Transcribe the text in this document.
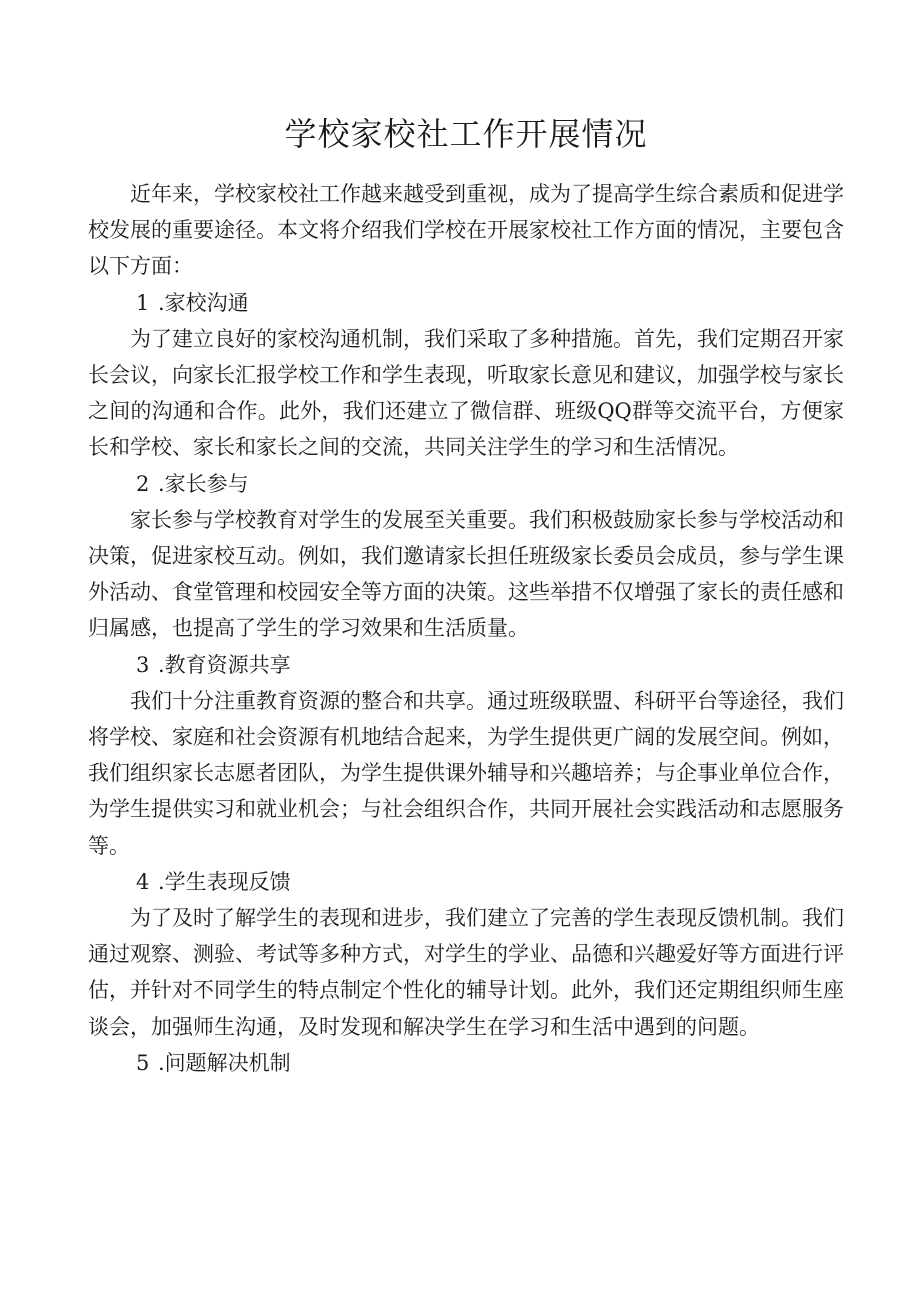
学校家校社工作开展情况

近年来，学校家校社工作越来越受到重视，成为了提高学生综合素质和促进学校发展的重要途径。本文将介绍我们学校在开展家校社工作方面的情况，主要包含以下方面：

1 .家校沟通

为了建立良好的家校沟通机制，我们采取了多种措施。首先，我们定期召开家长会议，向家长汇报学校工作和学生表现，听取家长意见和建议，加强学校与家长之间的沟通和合作。此外，我们还建立了微信群、班级QQ群等交流平台，方便家长和学校、家长和家长之间的交流，共同关注学生的学习和生活情况。

2 .家长参与

家长参与学校教育对学生的发展至关重要。我们积极鼓励家长参与学校活动和决策，促进家校互动。例如，我们邀请家长担任班级家长委员会成员，参与学生课外活动、食堂管理和校园安全等方面的决策。这些举措不仅增强了家长的责任感和归属感，也提高了学生的学习效果和生活质量。

3 .教育资源共享

我们十分注重教育资源的整合和共享。通过班级联盟、科研平台等途径，我们将学校、家庭和社会资源有机地结合起来，为学生提供更广阔的发展空间。例如，我们组织家长志愿者团队，为学生提供课外辅导和兴趣培养；与企事业单位合作，为学生提供实习和就业机会；与社会组织合作，共同开展社会实践活动和志愿服务等。

4 .学生表现反馈

为了及时了解学生的表现和进步，我们建立了完善的学生表现反馈机制。我们通过观察、测验、考试等多种方式，对学生的学业、品德和兴趣爱好等方面进行评估，并针对不同学生的特点制定个性化的辅导计划。此外，我们还定期组织师生座谈会，加强师生沟通，及时发现和解决学生在学习和生活中遇到的问题。

5 .问题解决机制
